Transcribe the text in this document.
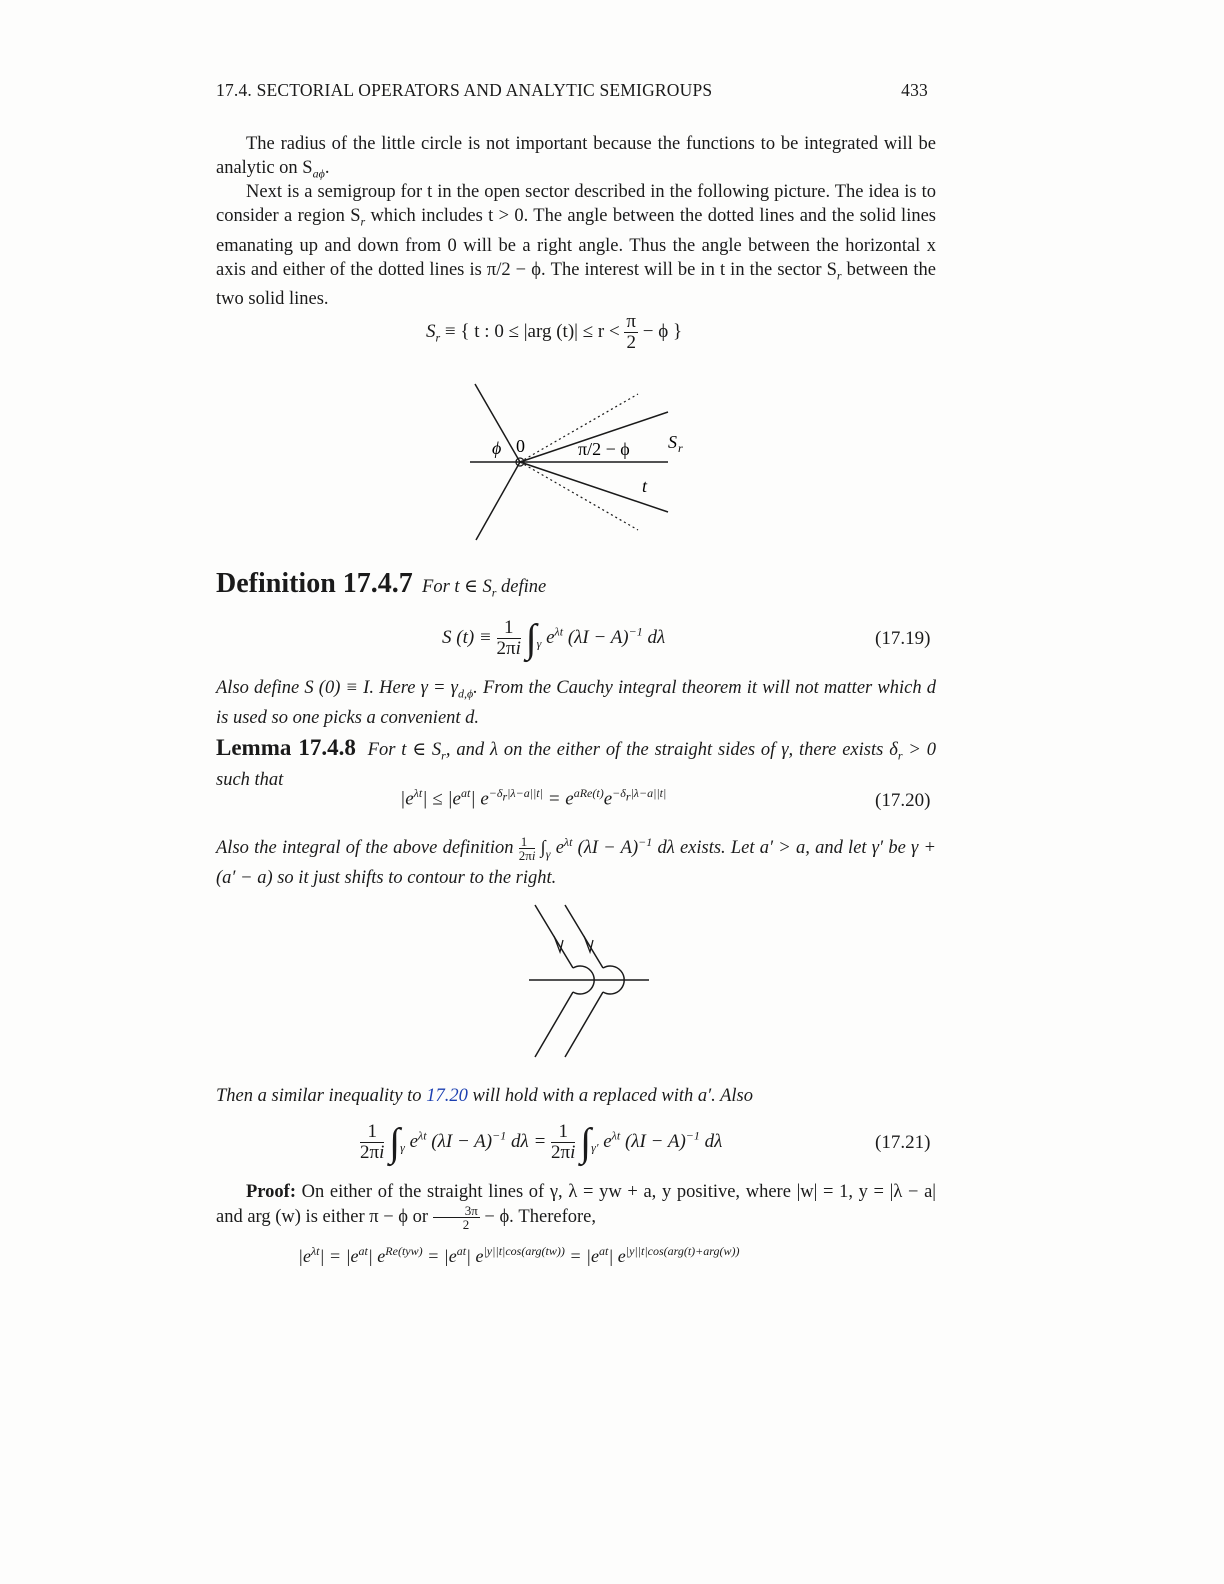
17.4. SECTORIAL OPERATORS AND ANALYTIC SEMIGROUPS	433
The radius of the little circle is not important because the functions to be integrated will be analytic on $S_{a\phi}$.
Next is a semigroup for t in the open sector described in the following picture. The idea is to consider a region $S_r$ which includes t > 0. The angle between the dotted lines and the solid lines emanating up and down from 0 will be a right angle. Thus the angle between the horizontal x axis and either of the dotted lines is π/2 − ϕ. The interest will be in t in the sector $S_r$ between the two solid lines.
$S_r$ ≡ { t : 0 ≤ |arg $(t)| \le r < \frac{\pi}{2} - \phi$ }
ϕ 0	π/2 − ϕ S r
t
Definition 17.4.7 For t ∈ $S_r$ define
S $(t) \equiv \frac{1}{2\pi i} \int_\gamma$ $e^{\lambda t}$ $(\lambda I - A)^{-1}$ dλ	(17.19)
Also define S (0) ≡ I. Here $\gamma = \gamma_{d,\phi}$. From the Cauchy integral theorem it will not matter which d is used so one picks a convenient d.
Lemma 17.4.8 For t ∈ $S_r$, and λ on the either of the straight sides of γ, there exists $\delta_r > 0$ such that
$|e^{\lambda t}| \le |e^{at}|$ $e^{-\delta_r|\lambda-a||t|} = e^{aRe(t)}e^{-\delta_r|\lambda-a||t|}$	(17.20)
Also the integral of the above definition $\frac{1}{2\pi i} \int_\gamma$ $e^{\lambda t}$ $(\lambda I - A)^{-1}$ dλ exists. Let a′ > a, and let γ′ be γ + (a′ − a) so it just shifts to contour to the right.
Then a similar inequality to 17.20 will hold with a replaced with a′. Also
$\frac{1}{2\pi i} \int_\gamma$ $e^{\lambda t}$ $(\lambda I - A)^{-1}$ $d\lambda = \frac{1}{2\pi i} \int_{\gamma'}$ $e^{\lambda t}$ $(\lambda I - A)^{-1}$ dλ	(17.21)
Proof: On either of the straight lines of γ, λ = yw + a, y positive, where |w| = 1, y = |λ − a| and arg (w) is either π − ϕ or $\frac{3\pi}{2} - \phi$. Therefore,
$|e^{\lambda t}| = |e^{at}|$ $e^{Re(tyw)} = |e^{at}|$ $e^{|y||t|cos(arg(tw))} = |e^{at}|$ $e^{|y||t|cos(arg(t)+arg(w))}$
